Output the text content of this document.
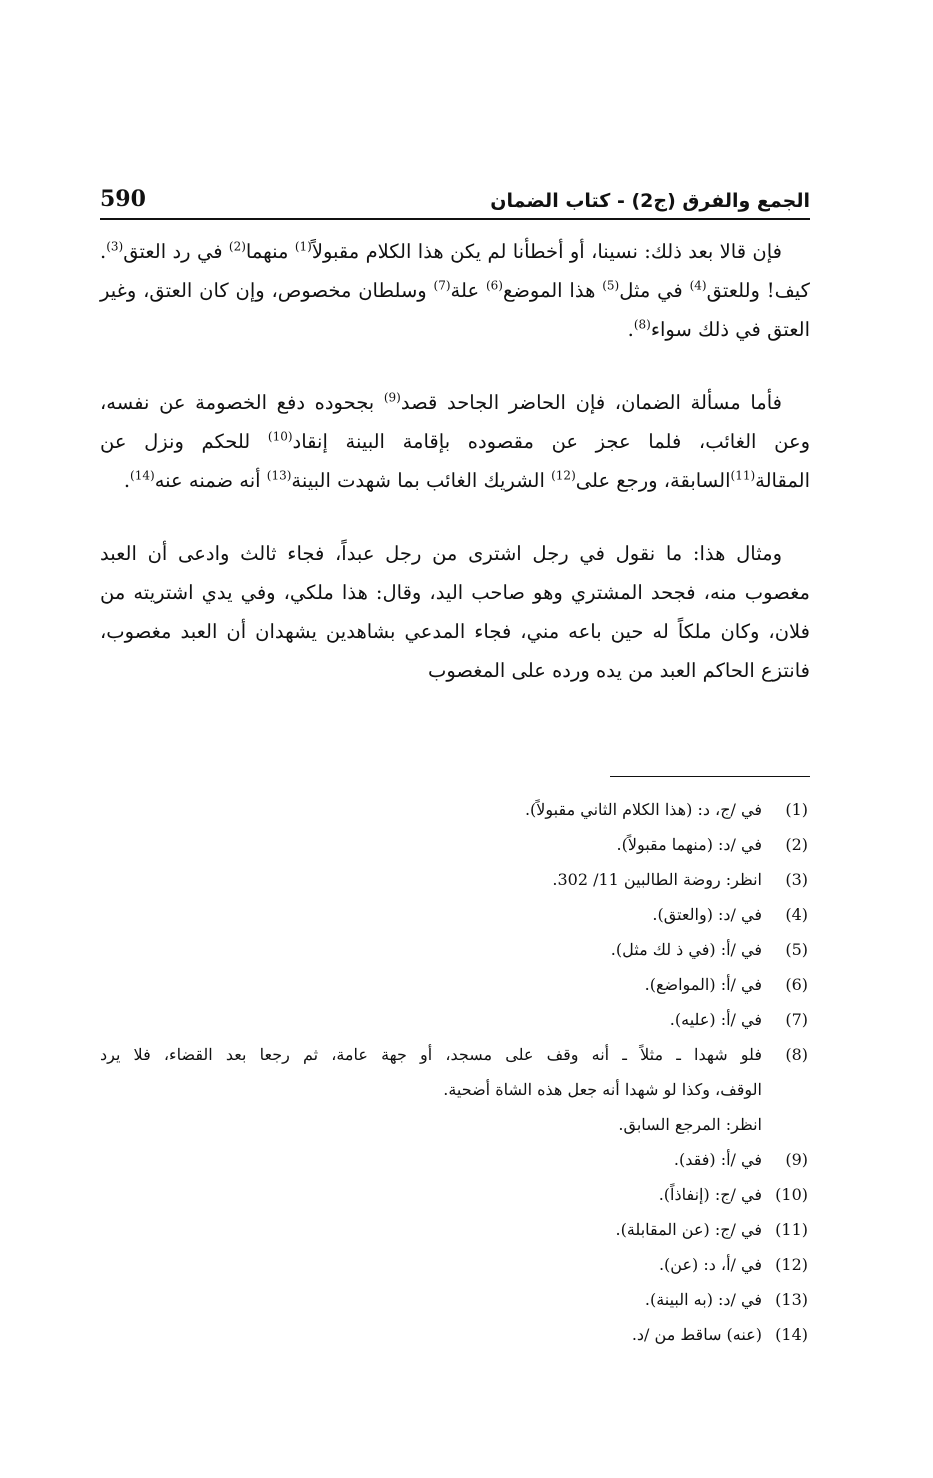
الجمع والفرق (ج2) - كتاب الضمان
590

فإن قالا بعد ذلك: نسينا، أو أخطأنا لم يكن هذا الكلام مقبولاً$^{(1)}$ منهما$^{(2)}$ في رد العتق$^{(3)}$. كيف! وللعتق$^{(4)}$ في مثل$^{(5)}$ هذا الموضع$^{(6)}$ علة$^{(7)}$ وسلطان مخصوص، وإن كان العتق، وغير العتق في ذلك سواء$^{(8)}$.

فأما مسألة الضمان، فإن الحاضر الجاحد قصد$^{(9)}$ بجحوده دفع الخصومة عن نفسه، وعن الغائب، فلما عجز عن مقصوده بإقامة البينة إنقاد$^{(10)}$ للحكم ونزل عن المقالة$^{(11)}$السابقة، ورجع على$^{(12)}$ الشريك الغائب بما شهدت البينة$^{(13)}$ أنه ضمنه عنه$^{(14)}$.

ومثال هذا: ما نقول في رجل اشترى من رجل عبداً، فجاء ثالث وادعى أن العبد مغصوب منه، فجحد المشتري وهو صاحب اليد، وقال: هذا ملكي، وفي يدي اشتريته من فلان، وكان ملكاً له حين باعه مني، فجاء المدعي بشاهدين يشهدان أن العبد مغصوب، فانتزع الحاكم العبد من يده ورده على المغصوب

(1)
في /ج، د: (هذا الكلام الثاني مقبولاً).
(2)
في /د: (منهما مقبولاً).
(3)
انظر: روضة الطالبين 11/ 302.
(4)
في /د: (والعتق).
(5)
في /أ: (في ذ لك مثل).
(6)
في /أ: (المواضع).
(7)
في /أ: (عليه).
(8)
فلو شهدا ـ مثلاً ـ أنه وقف على مسجد، أو جهة عامة، ثم رجعا بعد القضاء، فلا يرد
الوقف، وكذا لو شهدا أنه جعل هذه الشاة أضحية.
انظر: المرجع السابق.
(9)
في /أ: (فقد).
(10)
في /ج: (إنفاذاً).
(11)
في /ج: (عن المقابلة).
(12)
في /أ، د: (عن).
(13)
في /د: (به البينة).
(14)
(عنه) ساقط من /د.
